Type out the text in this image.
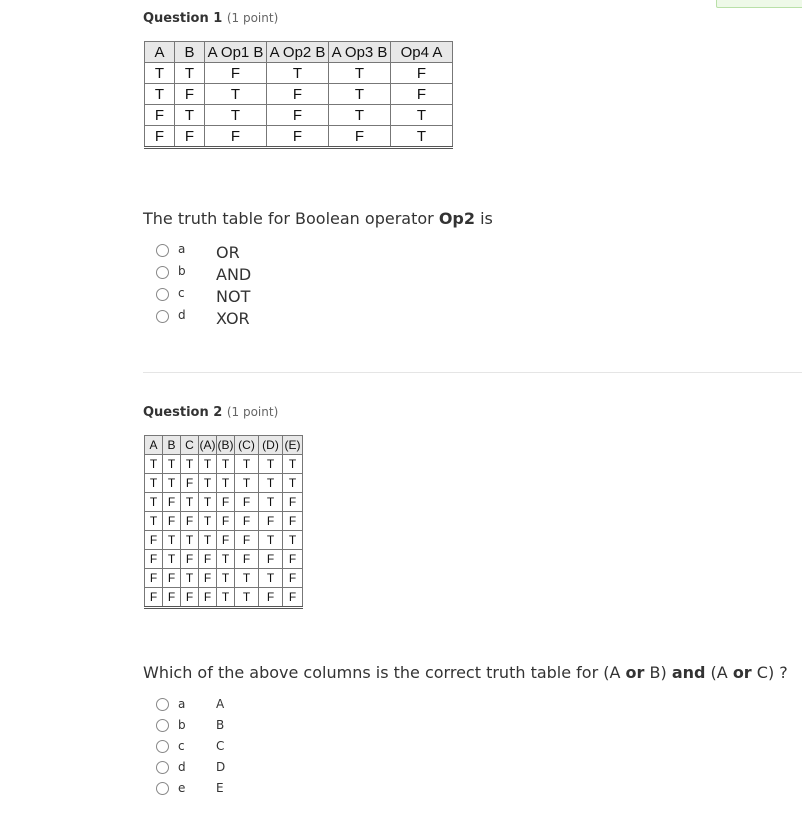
Question 1 (1 point)
A	B	A Op1 B	A Op2 B	A Op3 B	Op4 A
T	T	F	T	T	F
T	F	T	F	T	F
F	T	T	F	T	T
F	F	F	F	F	T
The truth table for Boolean operator Op2 is
a OR
b AND
c NOT
d XOR
Question 2 (1 point)
A	B	C	(A)	(B)	(C)	(D)	(E)
T	T	T	T	T	T	T	T
T	T	F	T	T	T	T	T
T	F	T	T	F	F	T	F
T	F	F	T	F	F	F	F
F	T	T	T	F	F	T	T
F	T	F	F	T	F	F	F
F	F	T	F	T	T	T	F
F	F	F	F	T	T	F	F
Which of the above columns is the correct truth table for (A or B) and (A or C) ?
a	A
b	B
c	C
d	D
e	E
